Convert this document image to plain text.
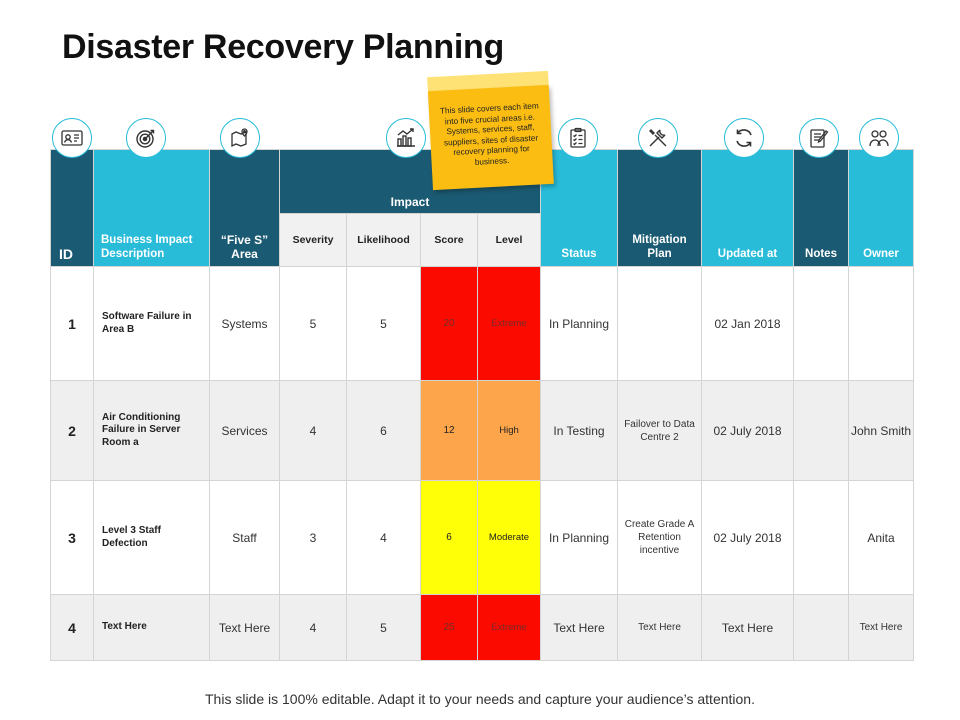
Disaster Recovery Planning
ID	Business Impact Description	“Five S” Area	Impact				Status	Mitigation Plan	Updated at	Notes	Owner
			Severity	Likelihood	Score	Level					
1	Software Failure in Area B	Systems	5	5	20	Extreme	In Planning		02 Jan 2018		
2	Air Conditioning Failure in Server Room a	Services	4	6	12	High	In Testing	Failover to Data Centre 2	02 July 2018		John Smith
3	Level 3 Staff Defection	Staff	3	4	6	Moderate	In Planning	Create Grade A Retention incentive	02 July 2018		Anita
4	Text Here	Text Here	4	5	25	Extreme	Text Here	Text Here	Text Here		Text Here
This slide covers each item into five crucial areas i.e. Systems, services, staff, suppliers, sites of disaster recovery planning for business.
This slide is 100% editable. Adapt it to your needs and capture your audience’s attention.
